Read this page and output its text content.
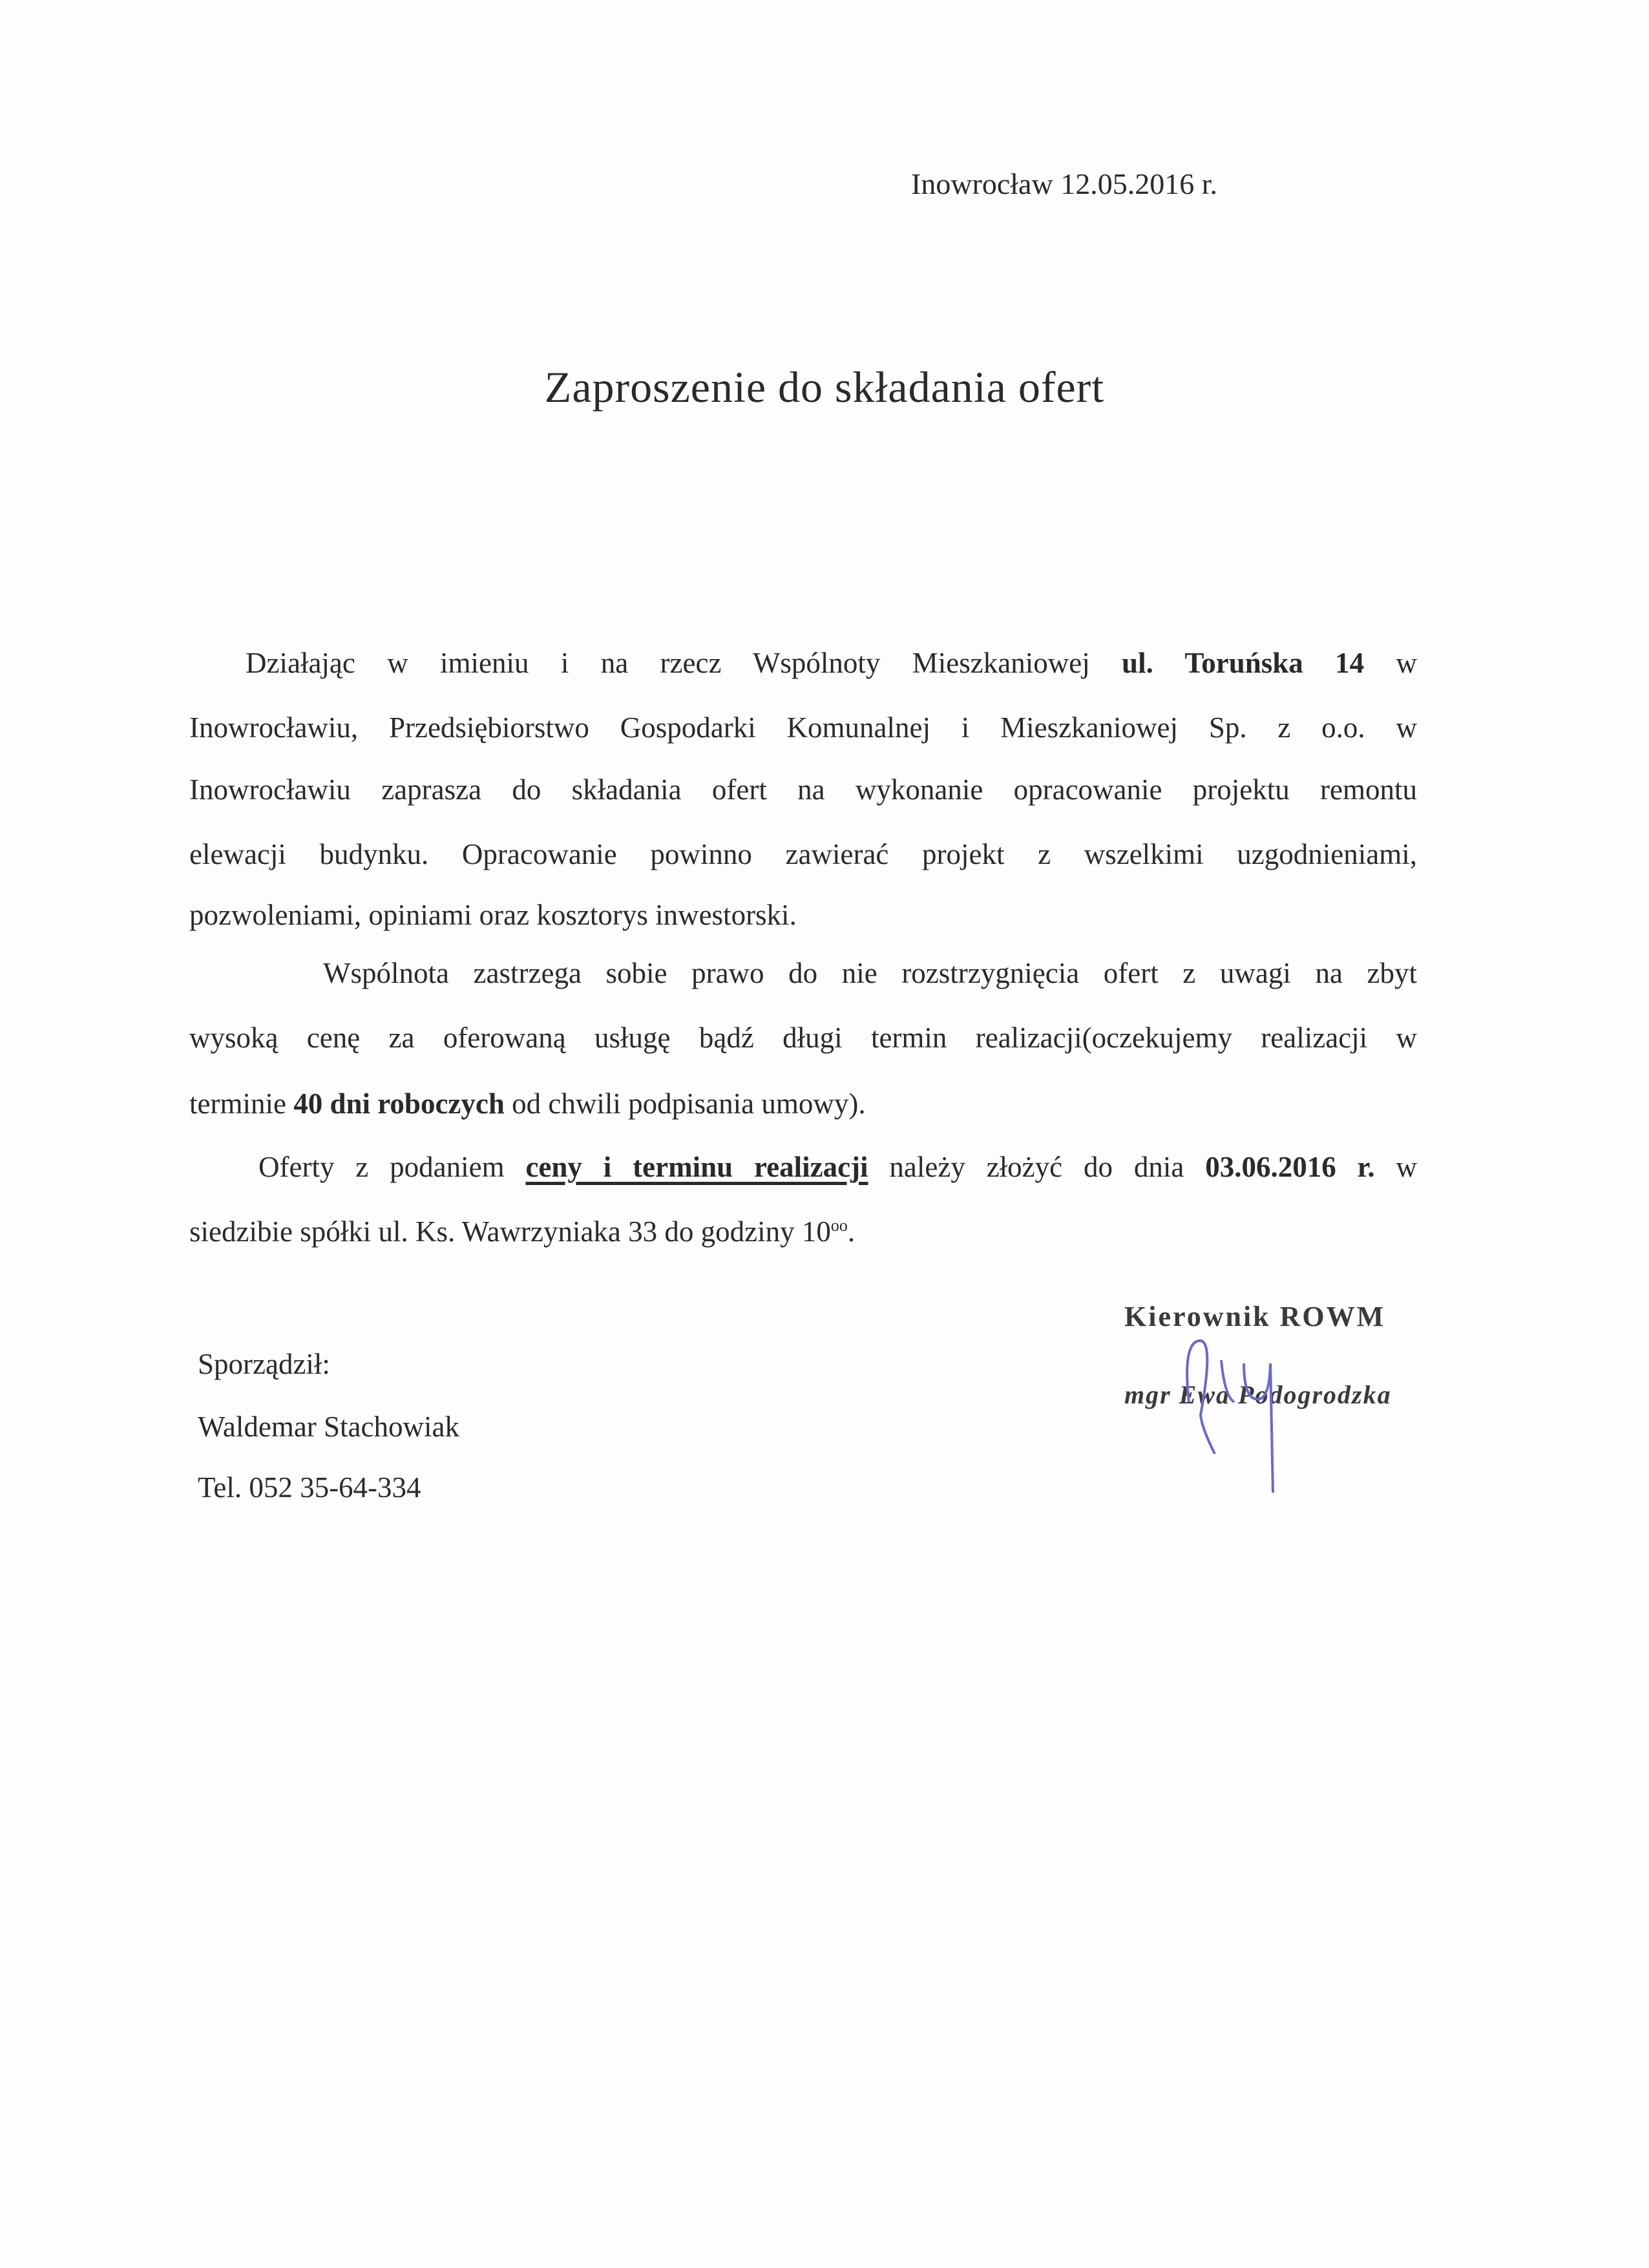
Inowrocław 12.05.2016 r.
Zaproszenie do składania ofert
Działając w imieniu i na rzecz Wspólnoty Mieszkaniowej ul. Toruńska 14 w
Inowrocławiu, Przedsiębiorstwo Gospodarki Komunalnej i Mieszkaniowej Sp. z o.o. w
Inowrocławiu zaprasza do składania ofert na wykonanie opracowanie projektu remontu
elewacji budynku. Opracowanie powinno zawierać projekt z wszelkimi uzgodnieniami,
pozwoleniami, opiniami oraz kosztorys inwestorski.
Wspólnota zastrzega sobie prawo do nie rozstrzygnięcia ofert z uwagi na zbyt
wysoką cenę za oferowaną usługę bądź długi termin realizacji(oczekujemy realizacji w
terminie 40 dni roboczych od chwili podpisania umowy).
Oferty z podaniem ceny i terminu realizacji należy złożyć do dnia 03.06.2016 r. w
siedzibie spółki ul. Ks. Wawrzyniaka 33 do godziny $10^{oo}$.
Sporządził:
Waldemar Stachowiak
Tel. 052 35-64-334
Kierownik ROWM
mgr Ewa Podogrodzka
